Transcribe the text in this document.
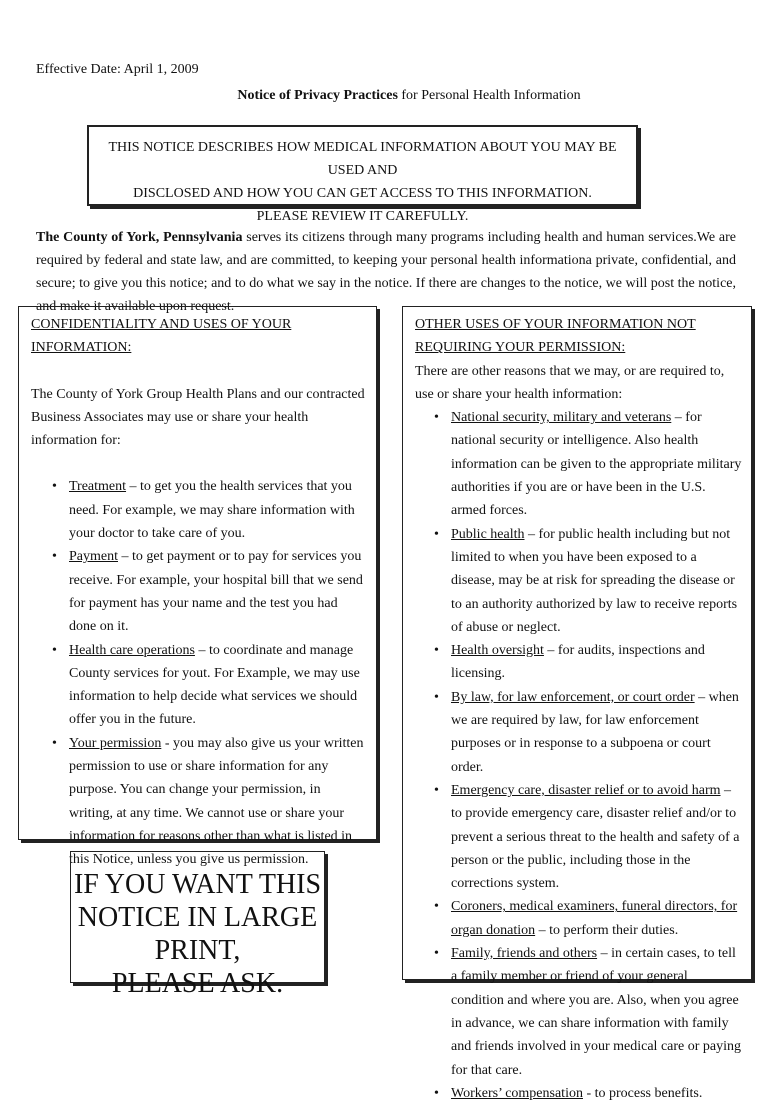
Effective Date: April 1, 2009
Notice of Privacy Practices for Personal Health Information
THIS NOTICE DESCRIBES HOW MEDICAL INFORMATION ABOUT YOU MAY BE USED AND
DISCLOSED AND HOW YOU CAN GET ACCESS TO THIS INFORMATION.
PLEASE REVIEW IT CAREFULLY.
The County of York, Pennsylvania serves its citizens through many programs including health and human services.We are required by federal and state law, and are committed, to keeping your personal health informationa private, confidential, and secure; to give you this notice; and to do what we say in the notice. If there are changes to the notice, we will post the notice, and make it available upon request.
CONFIDENTIALITY AND USES OF YOUR INFORMATION:
The County of York Group Health Plans and our contracted Business Associates may use or share your health information for:
• Treatment – to get you the health services that you need. For example, we may share information with your doctor to take care of you.
• Payment – to get payment or to pay for services you receive. For example, your hospital bill that we send for payment has your name and the test you had done on it.
• Health care operations – to coordinate and manage County services for yout. For Example, we may use information to help decide what services we should offer you in the future.
• Your permission - you may also give us your written permission to use or share information for any purpose. You can change your permission, in writing, at any time. We cannot use or share your information for reasons other than what is listed in this Notice, unless you give us permission.
OTHER USES OF YOUR INFORMATION NOT REQUIRING YOUR PERMISSION:
There are other reasons that we may, or are required to, use or share your health information:
• National security, military and veterans – for national security or intelligence. Also health information can be given to the appropriate military authorities if you are or have been in the U.S. armed forces.
• Public health – for public health including but not limited to when you have been exposed to a disease, may be at risk for spreading the disease or to an authority authorized by law to receive reports of abuse or neglect.
• Health oversight – for audits, inspections and licensing.
• By law, for law enforcement, or court order – when we are required by law, for law enforcement purposes or in response to a subpoena or court order.
• Emergency care, disaster relief or to avoid harm – to provide emergency care, disaster relief and/or to prevent a serious threat to the health and safety of a person or the public, including those in the corrections system.
• Coroners, medical examiners, funeral directors, for organ donation – to perform their duties.
• Family, friends and others – in certain cases, to tell a family member or friend of your general condition and where you are. Also, when you agree in advance, we can share information with family and friends involved in your medical care or paying for that care.
• Workers’ compensation - to process benefits.
IF YOU WANT THIS
NOTICE IN LARGE PRINT,
PLEASE ASK.
